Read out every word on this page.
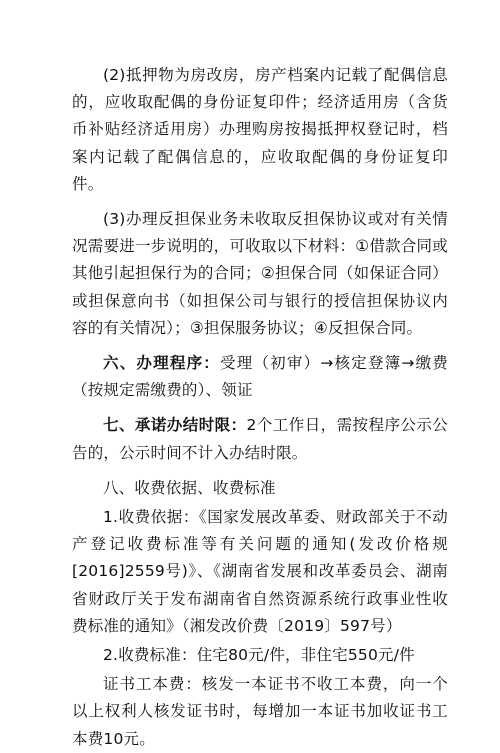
(2)抵押物为房改房，房产档案内记载了配偶信息的，应收取配偶的身份证复印件；经济适用房（含货币补贴经济适用房）办理购房按揭抵押权登记时，档案内记载了配偶信息的，应收取配偶的身份证复印件。

(3)办理反担保业务未收取反担保协议或对有关情况需要进一步说明的，可收取以下材料：①借款合同或其他引起担保行为的合同；②担保合同（如保证合同）或担保意向书（如担保公司与银行的授信担保协议内容的有关情况）；③担保服务协议；④反担保合同。

六、办理程序：受理（初审）→核定登簿→缴费（按规定需缴费的）、领证

七、承诺办结时限：2个工作日，需按程序公示公告的，公示时间不计入办结时限。

八、收费依据、收费标准

1.收费依据：《国家发展改革委、财政部关于不动产登记收费标准等有关问题的通知(发改价格规[2016]2559号)》、《湖南省发展和改革委员会、湖南省财政厅关于发布湖南省自然资源系统行政事业性收费标准的通知》（湘发改价费〔2019〕597号）

2.收费标准：住宅80元/件，非住宅550元/件

证书工本费：核发一本证书不收工本费，向一个以上权利人核发证书时，每增加一本证书加收证书工本费10元。
